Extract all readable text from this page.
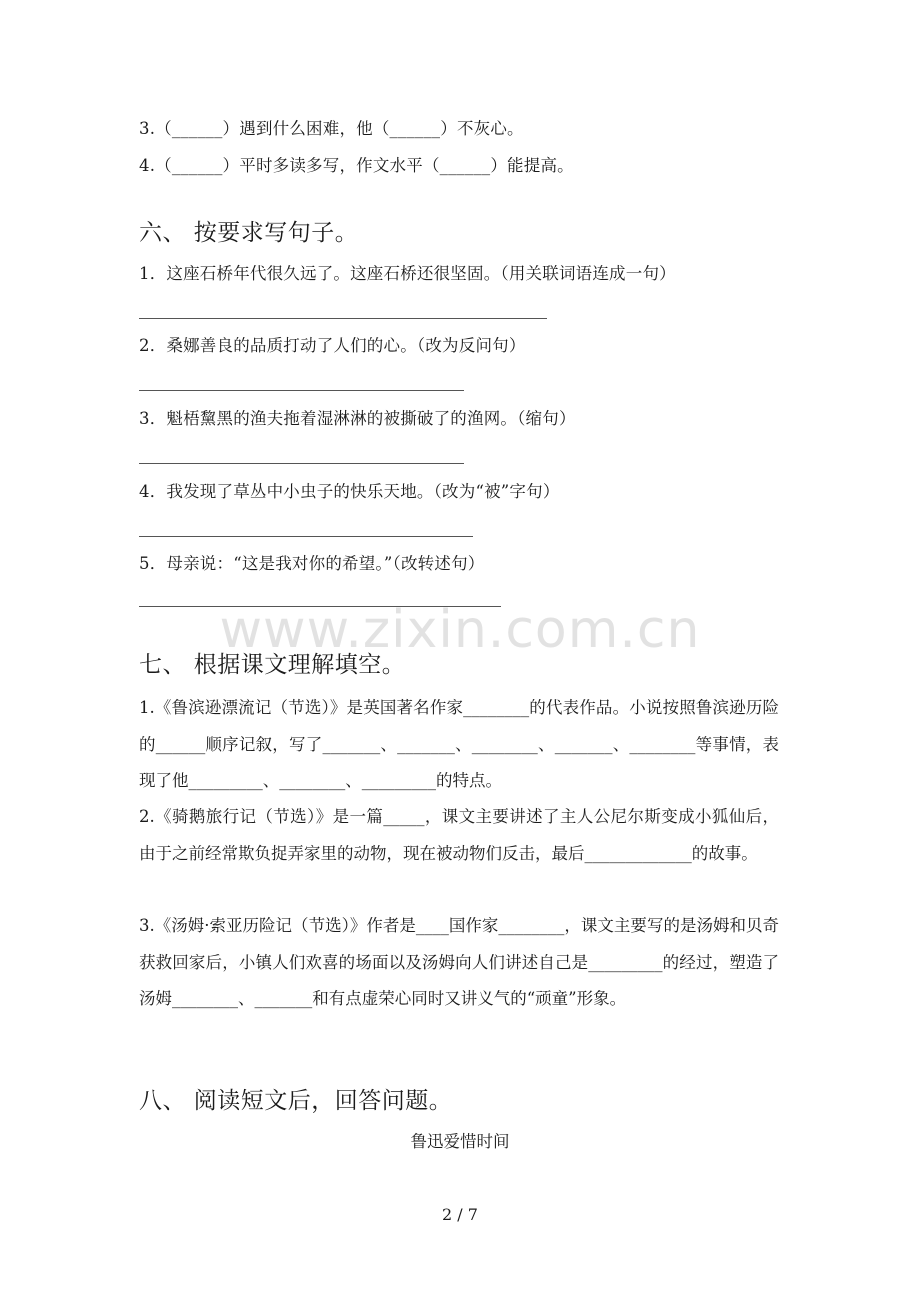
www.zixin.com.cn
3.（______）遇到什么困难，他（______）不灰心。
4.（______）平时多读多写，作文水平（______）能提高。
六、 按要求写句子。
1．这座石桥年代很久远了。这座石桥还很坚固。（用关联词语连成一句）
2．桑娜善良的品质打动了人们的心。（改为反问句）
3．魁梧黧黑的渔夫拖着湿淋淋的被撕破了的渔网。（缩句）
4．我发现了草丛中小虫子的快乐天地。（改为“被”字句）
5．母亲说：“这是我对你的希望。”（改转述句）
七、 根据课文理解填空。
1.《鲁滨逊漂流记（节选）》是英国著名作家________的代表作品。小说按照鲁滨逊历险的______顺序记叙，写了_______、_______、________、_______、________等事情，表现了他_________、________、_________的特点。
2.《骑鹅旅行记（节选）》是一篇_____，课文主要讲述了主人公尼尔斯变成小狐仙后，由于之前经常欺负捉弄家里的动物，现在被动物们反击，最后_____________的故事。
3.《汤姆·索亚历险记（节选）》作者是____国作家________，课文主要写的是汤姆和贝奇获救回家后，小镇人们欢喜的场面以及汤姆向人们讲述自己是_________的经过，塑造了汤姆________、_______和有点虚荣心同时又讲义气的“顽童”形象。
八、 阅读短文后，回答问题。
鲁迅爱惜时间
2 / 7
